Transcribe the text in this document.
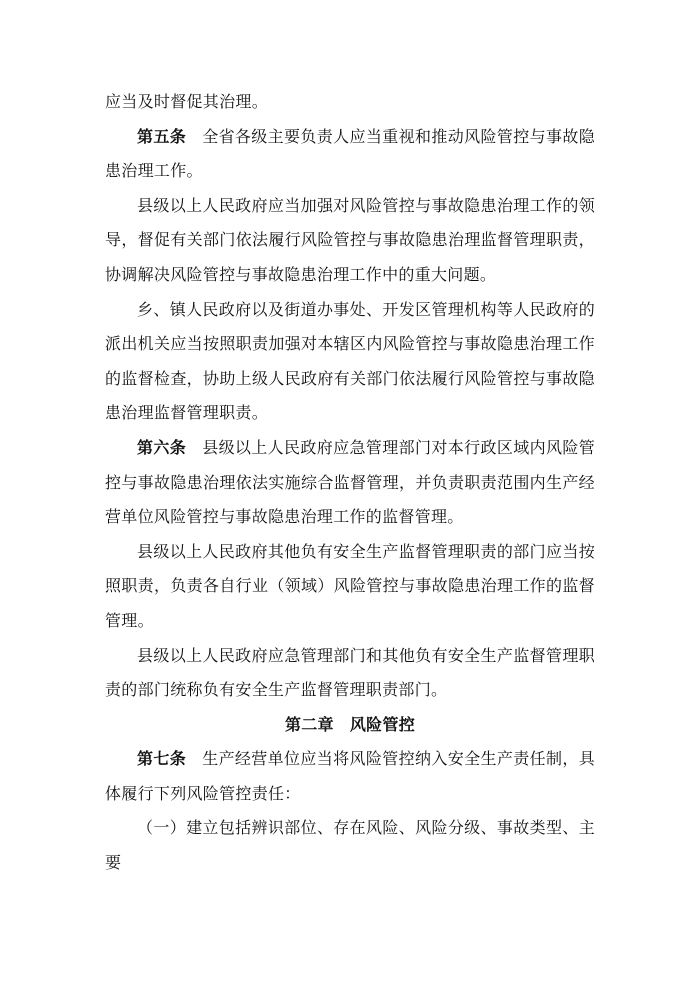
应当及时督促其治理。

第五条 全省各级主要负责人应当重视和推动风险管控与事故隐患治理工作。

县级以上人民政府应当加强对风险管控与事故隐患治理工作的领导，督促有关部门依法履行风险管控与事故隐患治理监督管理职责，协调解决风险管控与事故隐患治理工作中的重大问题。

乡、镇人民政府以及街道办事处、开发区管理机构等人民政府的派出机关应当按照职责加强对本辖区内风险管控与事故隐患治理工作的监督检查，协助上级人民政府有关部门依法履行风险管控与事故隐患治理监督管理职责。

第六条 县级以上人民政府应急管理部门对本行政区域内风险管控与事故隐患治理依法实施综合监督管理，并负责职责范围内生产经营单位风险管控与事故隐患治理工作的监督管理。

县级以上人民政府其他负有安全生产监督管理职责的部门应当按照职责，负责各自行业（领域）风险管控与事故隐患治理工作的监督管理。

县级以上人民政府应急管理部门和其他负有安全生产监督管理职责的部门统称负有安全生产监督管理职责部门。

第二章 风险管控

第七条 生产经营单位应当将风险管控纳入安全生产责任制，具体履行下列风险管控责任：

（一）建立包括辨识部位、存在风险、风险分级、事故类型、主要
